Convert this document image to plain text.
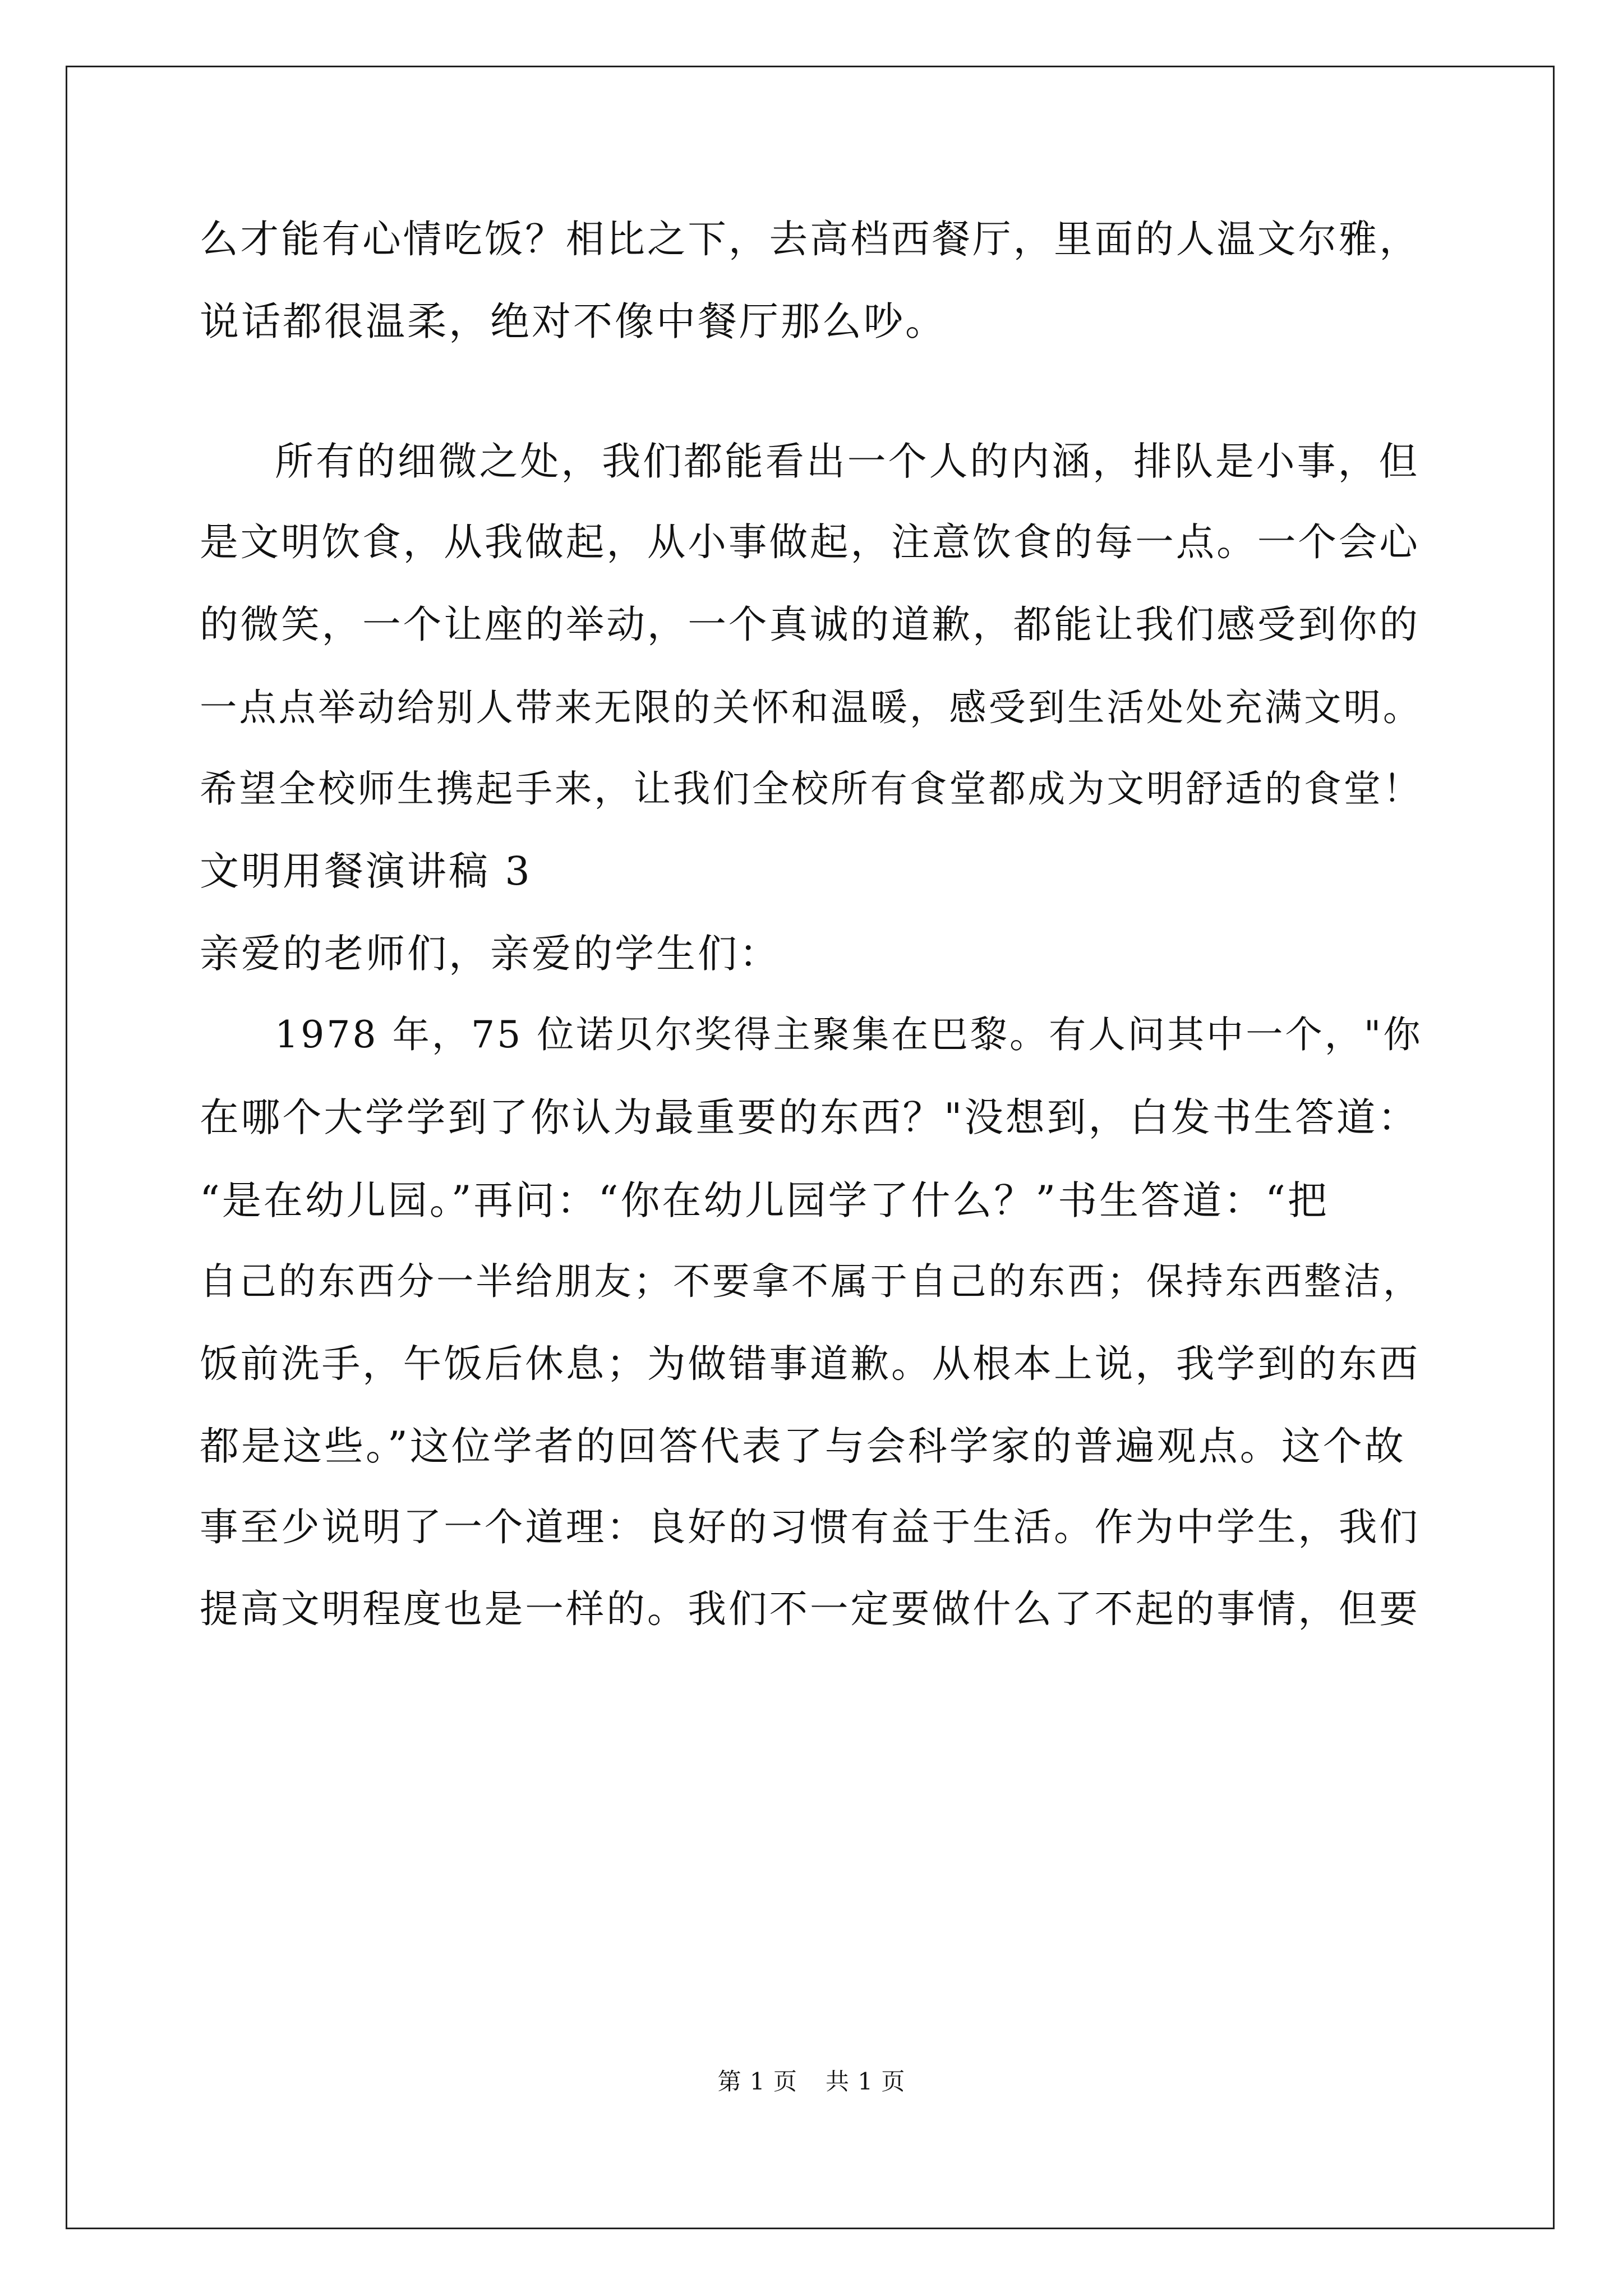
么才能有心情吃饭？相比之下，去高档西餐厅，里面的人温文尔雅，
说话都很温柔，绝对不像中餐厅那么吵。
所有的细微之处，我们都能看出一个人的内涵，排队是小事，但
是文明饮食，从我做起，从小事做起，注意饮食的每一点。一个会心
的微笑，一个让座的举动，一个真诚的道歉，都能让我们感受到你的
一点点举动给别人带来无限的关怀和温暖，感受到生活处处充满文明。
希望全校师生携起手来，让我们全校所有食堂都成为文明舒适的食堂！
文明用餐演讲稿 3
亲爱的老师们，亲爱的学生们：
1978 年，75 位诺贝尔奖得主聚集在巴黎。有人问其中一个，"你
在哪个大学学到了你认为最重要的东西？"没想到，白发书生答道：
“是在幼儿园。”再问：“你在幼儿园学了什么？”书生答道：“把
自己的东西分一半给朋友；不要拿不属于自己的东西；保持东西整洁，
饭前洗手，午饭后休息；为做错事道歉。从根本上说，我学到的东西
都是这些。”这位学者的回答代表了与会科学家的普遍观点。这个故
事至少说明了一个道理：良好的习惯有益于生活。作为中学生，我们
提高文明程度也是一样的。我们不一定要做什么了不起的事情，但要
第 1 页 共 1 页
